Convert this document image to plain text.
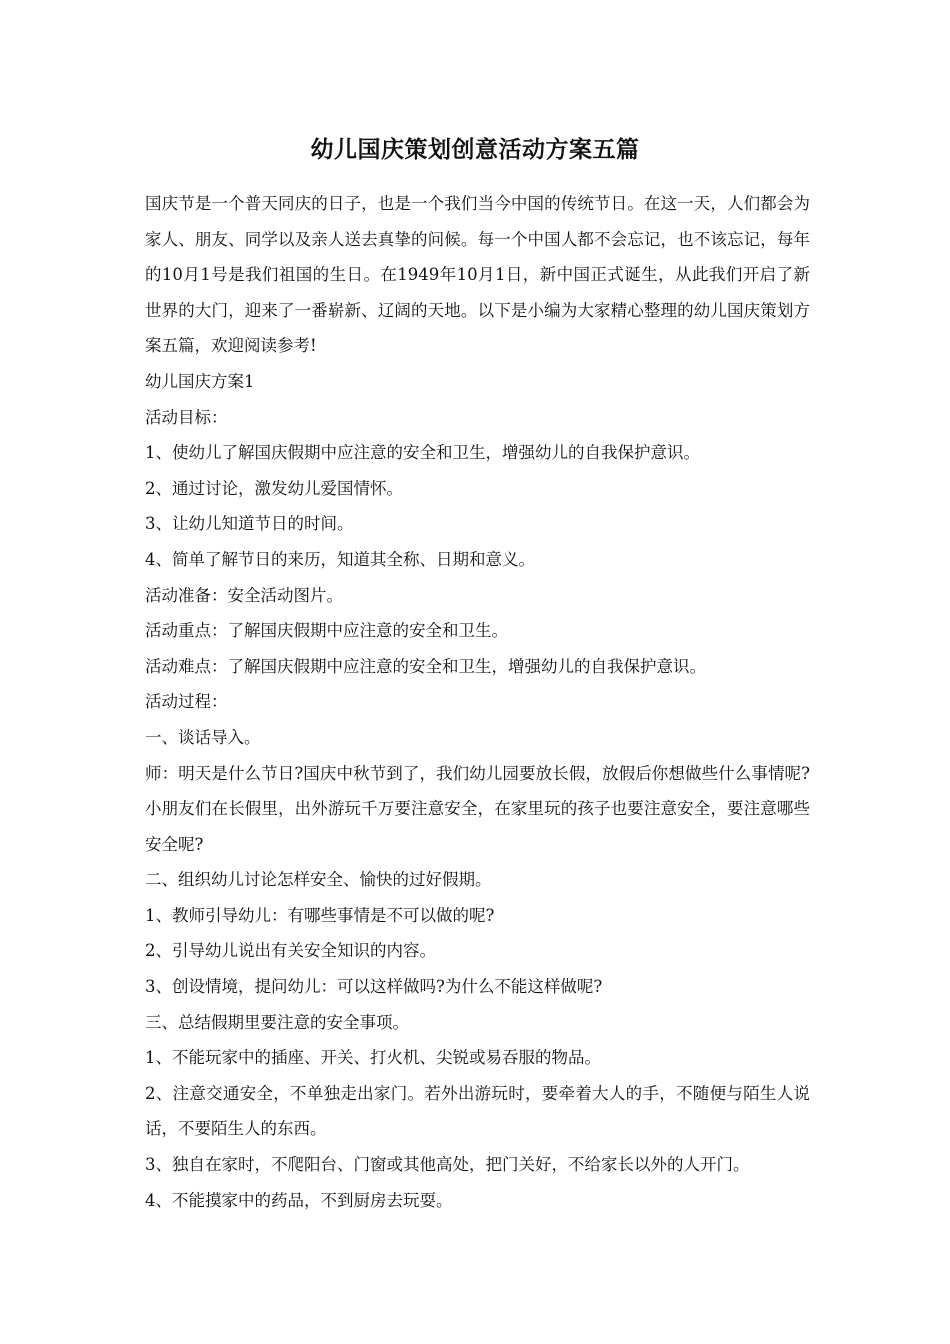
幼儿国庆策划创意活动方案五篇

国庆节是一个普天同庆的日子，也是一个我们当今中国的传统节日。在这一天，人们都会为家人、朋友、同学以及亲人送去真挚的问候。每一个中国人都不会忘记，也不该忘记，每年的10月1号是我们祖国的生日。在1949年10月1日，新中国正式诞生，从此我们开启了新世界的大门，迎来了一番崭新、辽阔的天地。以下是小编为大家精心整理的幼儿国庆策划方案五篇，欢迎阅读参考!

幼儿国庆方案1

活动目标：

1、使幼儿了解国庆假期中应注意的安全和卫生，增强幼儿的自我保护意识。

2、通过讨论，激发幼儿爱国情怀。

3、让幼儿知道节日的时间。

4、简单了解节日的来历，知道其全称、日期和意义。

活动准备：安全活动图片。

活动重点：了解国庆假期中应注意的安全和卫生。

活动难点：了解国庆假期中应注意的安全和卫生，增强幼儿的自我保护意识。

活动过程：

一、谈话导入。

师：明天是什么节日?国庆中秋节到了，我们幼儿园要放长假，放假后你想做些什么事情呢?小朋友们在长假里，出外游玩千万要注意安全，在家里玩的孩子也要注意安全，要注意哪些安全呢?

二、组织幼儿讨论怎样安全、愉快的过好假期。

1、教师引导幼儿：有哪些事情是不可以做的呢?

2、引导幼儿说出有关安全知识的内容。

3、创设情境，提问幼儿：可以这样做吗?为什么不能这样做呢?

三、总结假期里要注意的安全事项。

1、不能玩家中的插座、开关、打火机、尖锐或易吞服的物品。

2、注意交通安全，不单独走出家门。若外出游玩时，要牵着大人的手，不随便与陌生人说话，不要陌生人的东西。

3、独自在家时，不爬阳台、门窗或其他高处，把门关好，不给家长以外的人开门。

4、不能摸家中的药品，不到厨房去玩耍。
